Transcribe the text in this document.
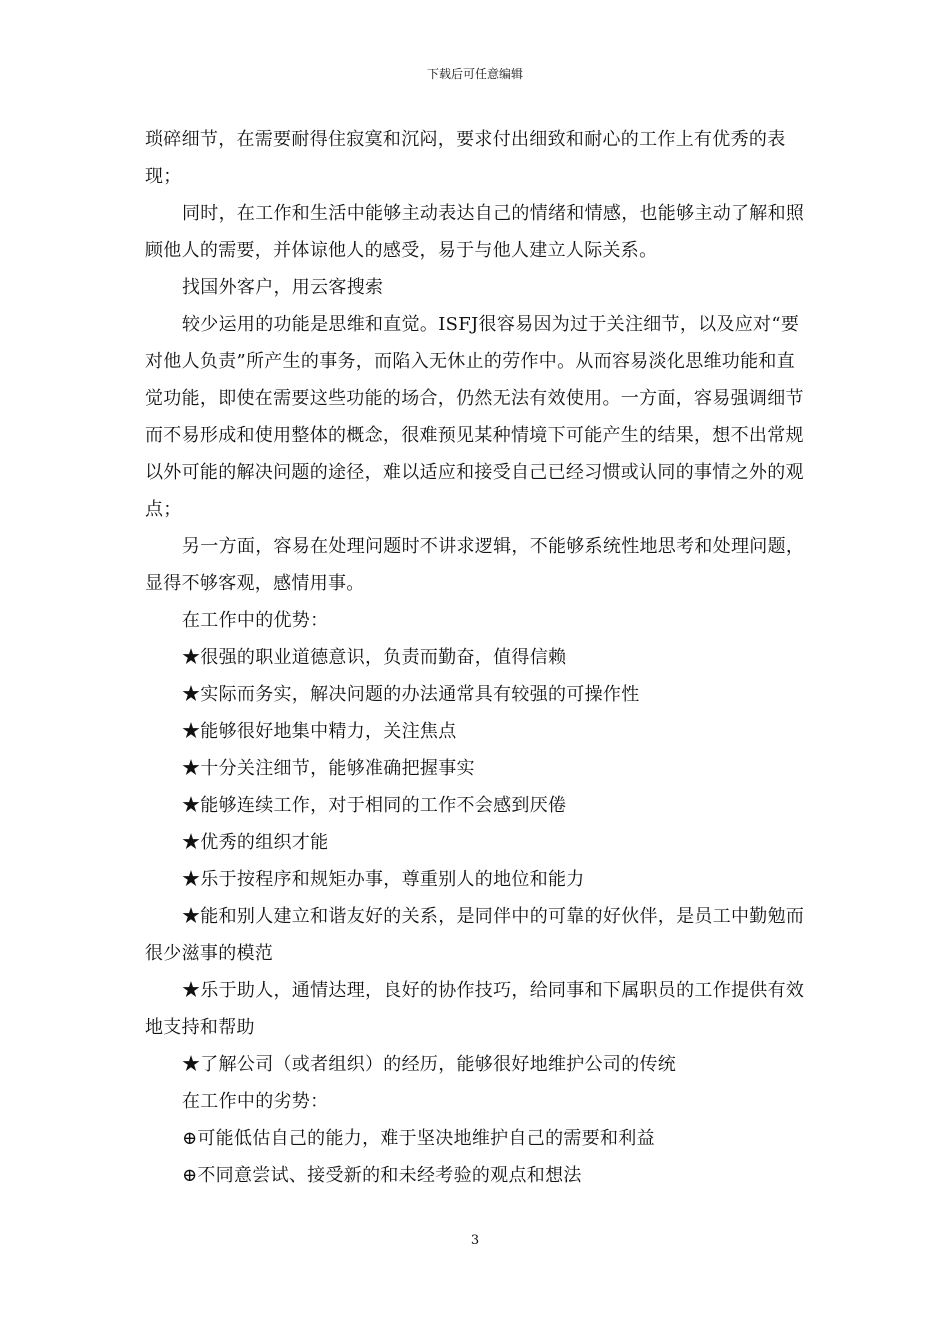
下载后可任意编辑

琐碎细节，在需要耐得住寂寞和沉闷，要求付出细致和耐心的工作上有优秀的表现；

同时，在工作和生活中能够主动表达自己的情绪和情感，也能够主动了解和照顾他人的需要，并体谅他人的感受，易于与他人建立人际关系。

找国外客户，用云客搜索

较少运用的功能是思维和直觉。ISFJ很容易因为过于关注细节，以及应对“要对他人负责”所产生的事务，而陷入无休止的劳作中。从而容易淡化思维功能和直觉功能，即使在需要这些功能的场合，仍然无法有效使用。一方面，容易强调细节而不易形成和使用整体的概念，很难预见某种情境下可能产生的结果，想不出常规以外可能的解决问题的途径，难以适应和接受自己已经习惯或认同的事情之外的观点；

另一方面，容易在处理问题时不讲求逻辑，不能够系统性地思考和处理问题，显得不够客观，感情用事。

在工作中的优势：

★很强的职业道德意识，负责而勤奋，值得信赖

★实际而务实，解决问题的办法通常具有较强的可操作性

★能够很好地集中精力，关注焦点

★十分关注细节，能够准确把握事实

★能够连续工作，对于相同的工作不会感到厌倦

★优秀的组织才能

★乐于按程序和规矩办事，尊重别人的地位和能力

★能和别人建立和谐友好的关系，是同伴中的可靠的好伙伴，是员工中勤勉而很少滋事的模范

★乐于助人，通情达理，良好的协作技巧，给同事和下属职员的工作提供有效地支持和帮助

★了解公司（或者组织）的经历，能够很好地维护公司的传统

在工作中的劣势：

⊕可能低估自己的能力，难于坚决地维护自己的需要和利益

⊕不同意尝试、接受新的和未经考验的观点和想法

3
